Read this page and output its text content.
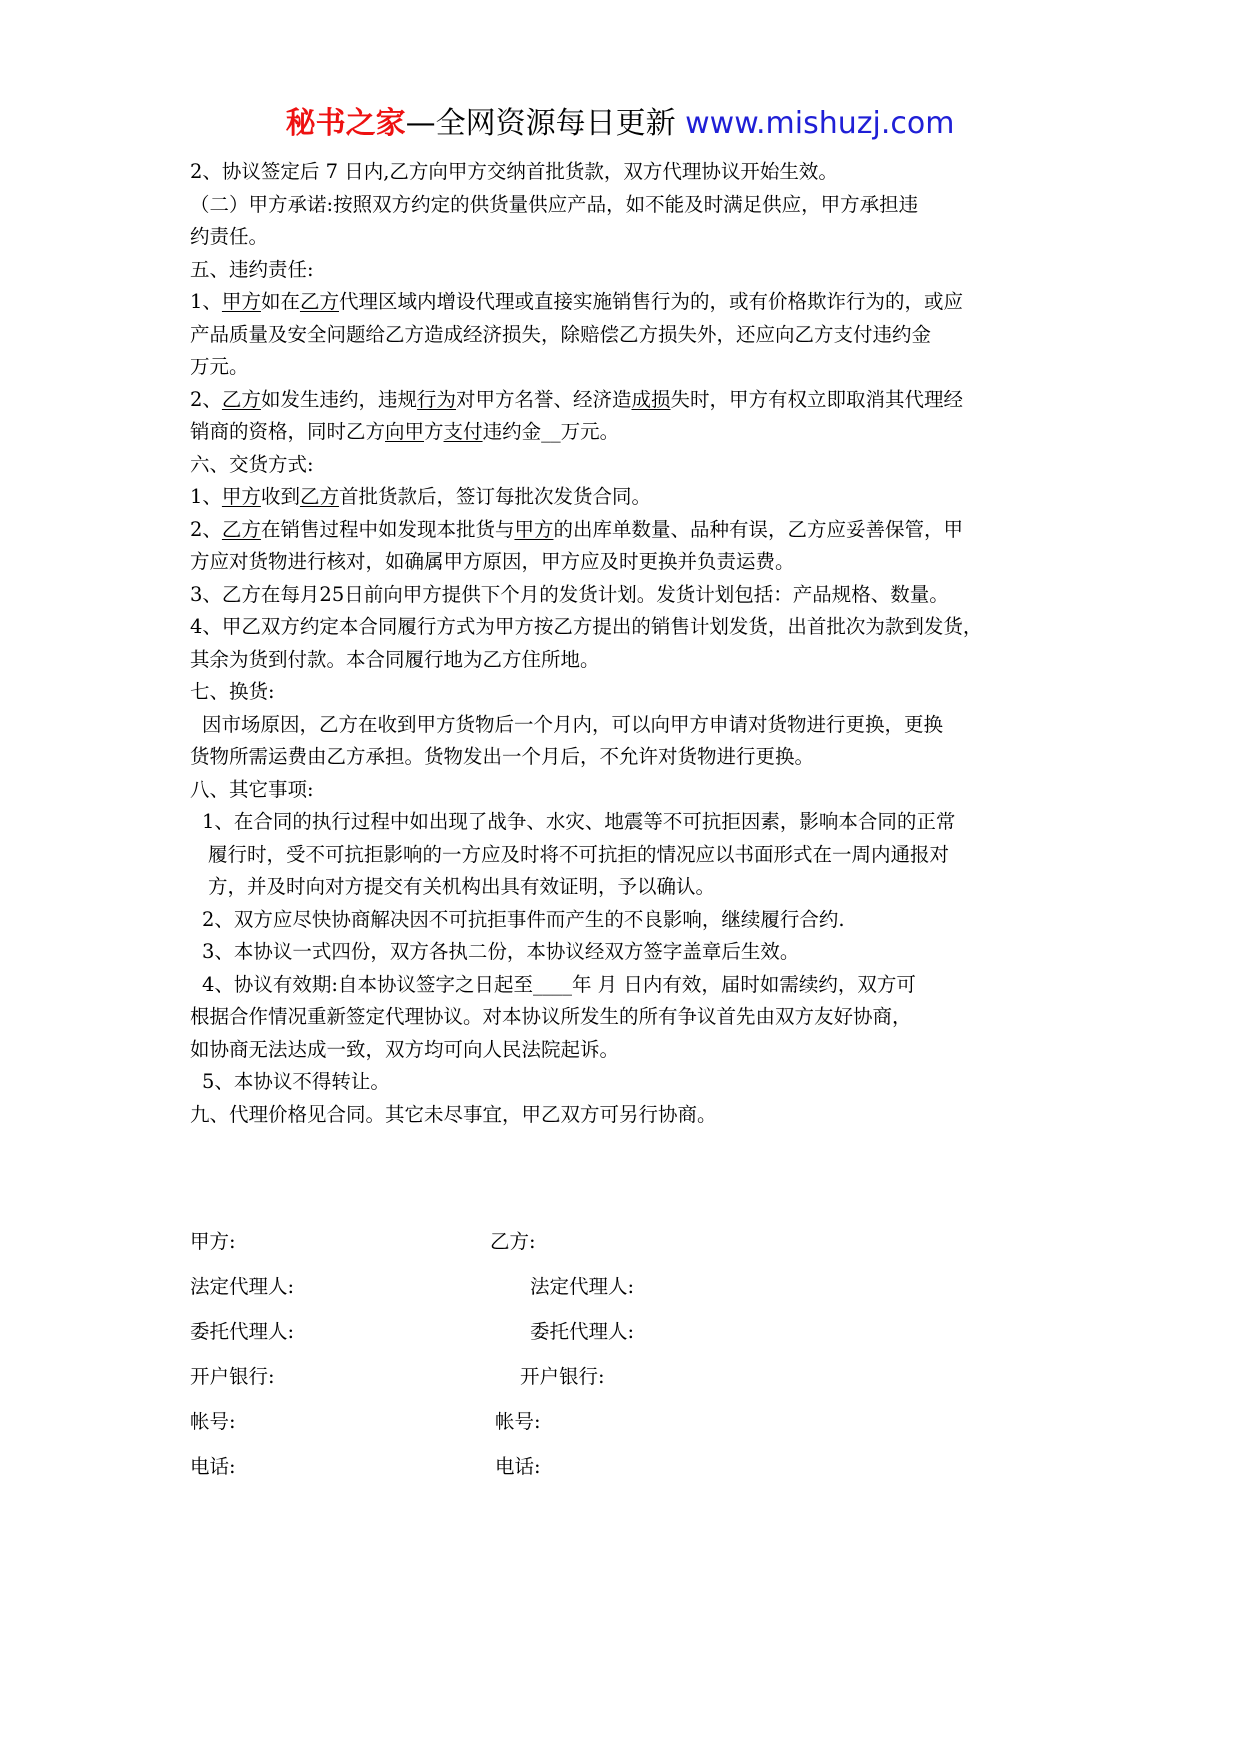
秘书之家—全网资源每日更新 www.mishuzj.com

2、协议签定后 7 日内,乙方向甲方交纳首批货款，双方代理协议开始生效。

（二）甲方承诺:按照双方约定的供货量供应产品，如不能及时满足供应，甲方承担违

约责任。

五、违约责任:

1、甲方如在乙方代理区域内增设代理或直接实施销售行为的，或有价格欺诈行为的，或应

产品质量及安全问题给乙方造成经济损失，除赔偿乙方损失外，还应向乙方支付违约金

万元。

2、乙方如发生违约，违规行为对甲方名誉、经济造成损失时，甲方有权立即取消其代理经

销商的资格，同时乙方向甲方支付违约金__万元。

六、交货方式:

1、甲方收到乙方首批货款后，签订每批次发货合同。

2、乙方在销售过程中如发现本批货与甲方的出库单数量、品种有误，乙方应妥善保管，甲

方应对货物进行核对，如确属甲方原因，甲方应及时更换并负责运费。

3、乙方在每月25日前向甲方提供下个月的发货计划。发货计划包括：产品规格、数量。

4、甲乙双方约定本合同履行方式为甲方按乙方提出的销售计划发货，出首批次为款到发货，

其余为货到付款。本合同履行地为乙方住所地。

七、换货:

因市场原因，乙方在收到甲方货物后一个月内，可以向甲方申请对货物进行更换，更换

货物所需运费由乙方承担。货物发出一个月后，不允许对货物进行更换。

八、其它事项:

1、在合同的执行过程中如出现了战争、水灾、地震等不可抗拒因素，影响本合同的正常

履行时，受不可抗拒影响的一方应及时将不可抗拒的情况应以书面形式在一周内通报对

方，并及时向对方提交有关机构出具有效证明，予以确认。

2、双方应尽快协商解决因不可抗拒事件而产生的不良影响，继续履行合约.

3、本协议一式四份，双方各执二份，本协议经双方签字盖章后生效。

4、协议有效期:自本协议签字之日起至____年 月 日内有效，届时如需续约，双方可

根据合作情况重新签定代理协议。对本协议所发生的所有争议首先由双方友好协商，

如协商无法达成一致，双方均可向人民法院起诉。

5、本协议不得转让。

九、代理价格见合同。其它未尽事宜，甲乙双方可另行协商。

甲方:	乙方:
法定代理人:	法定代理人:
委托代理人:	委托代理人:
开户银行:	开户银行:
帐号:	帐号:
电话:	电话:
